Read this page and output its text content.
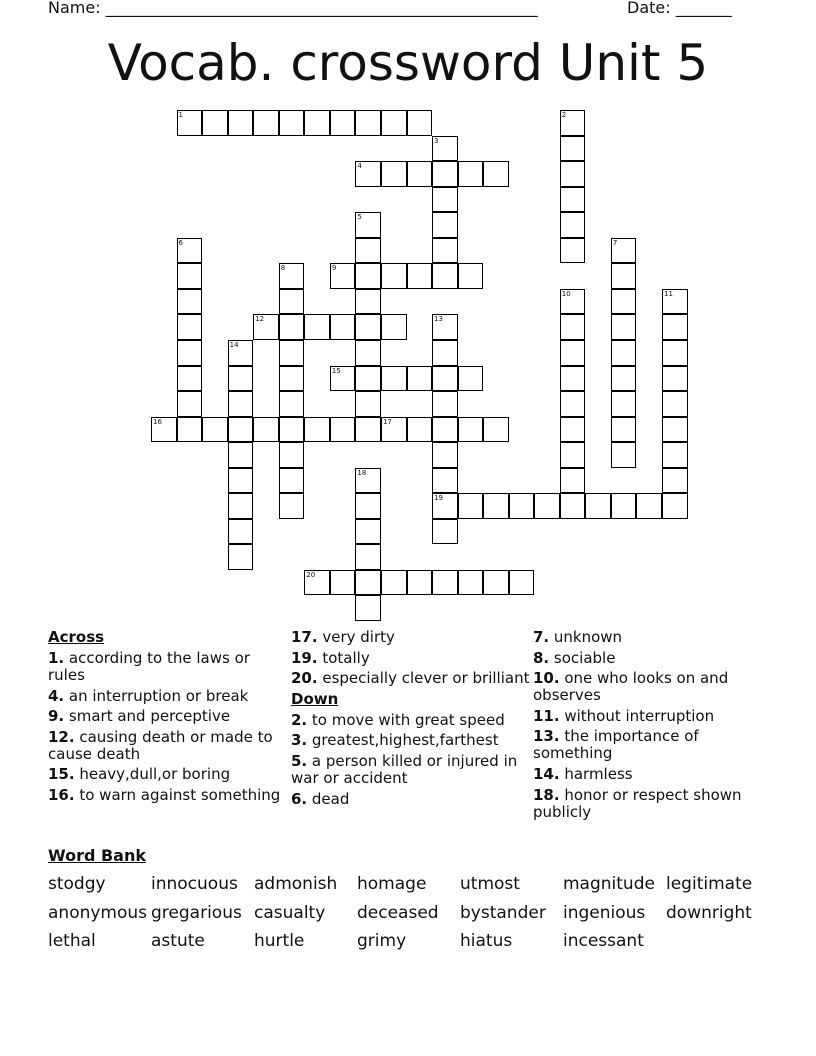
Name: ______________________________________________________	Date: _______
Vocab. crossword Unit 5
1	2
3
4
5
6	7
8	9
10	11
12	13
19
14
15
16	17
18
20
Across
1. according to the laws or rules
4. an interruption or break
9. smart and perceptive
12. causing death or made to cause death
15. heavy,dull,or boring
16. to warn against something
17. very dirty
19. totally
20. especially clever or brilliant
Down
2. to move with great speed
3. greatest,highest,farthest
5. a person killed or injured in war or accident
6. dead
7. unknown
8. sociable
10. one who looks on and observes
11. without interruption
13. the importance of something
14. harmless
18. honor or respect shown publicly
Word Bank
stodgy	innocuous admonish homage utmost	magnitude legitimate
anonymous gregarious casualty deceased bystander ingenious downright
lethal	astute	hurtle	grimy	hiatus	incessant
